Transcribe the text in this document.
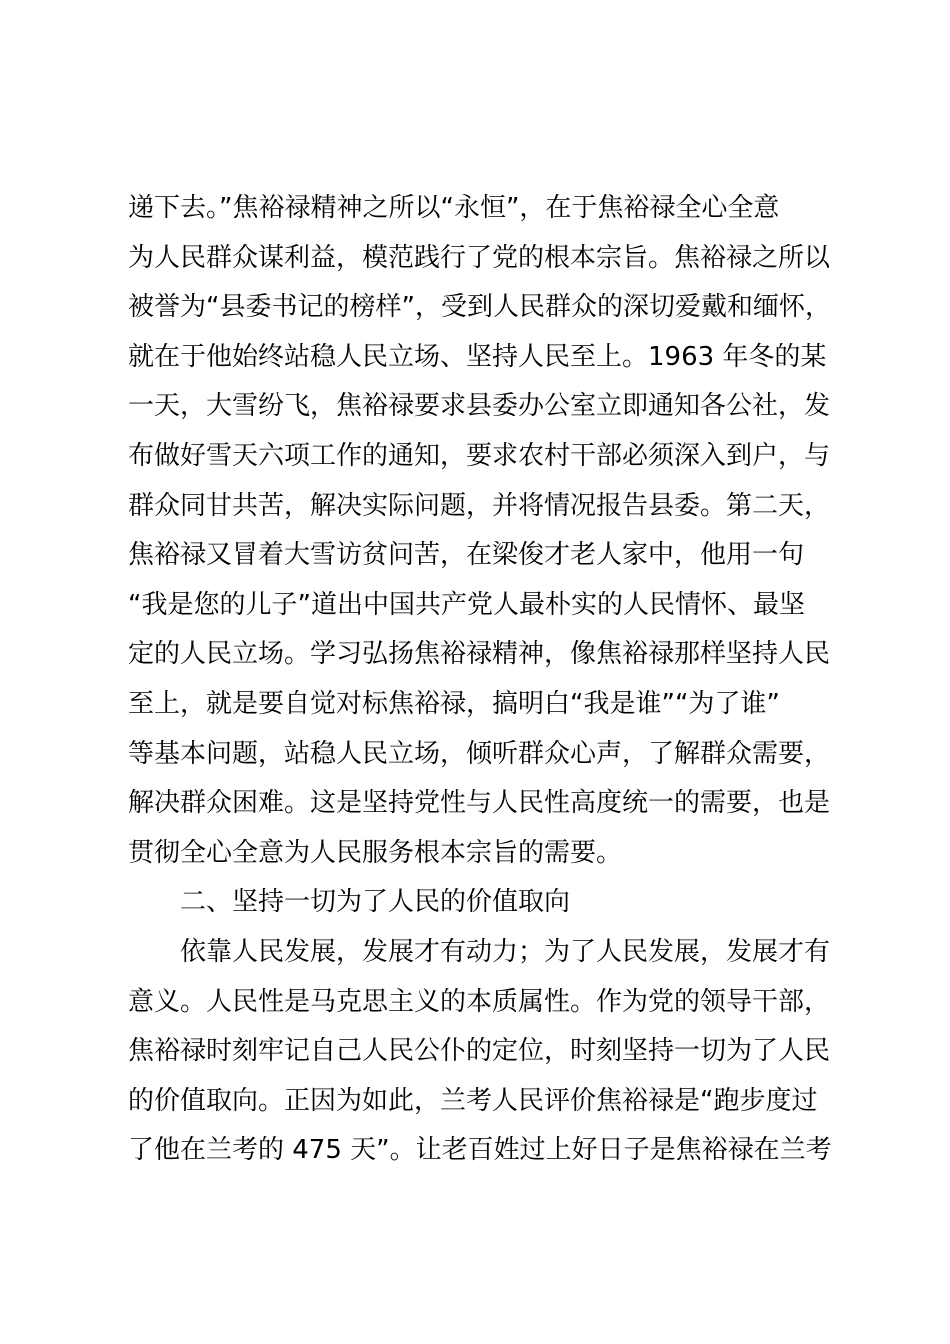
递下去。”焦裕禄精神之所以“永恒”，在于焦裕禄全心全意
为人民群众谋利益，模范践行了党的根本宗旨。焦裕禄之所以
被誉为“县委书记的榜样”，受到人民群众的深切爱戴和缅怀，
就在于他始终站稳人民立场、坚持人民至上。1963 年冬的某
一天，大雪纷飞，焦裕禄要求县委办公室立即通知各公社，发
布做好雪天六项工作的通知，要求农村干部必须深入到户，与
群众同甘共苦，解决实际问题，并将情况报告县委。第二天，
焦裕禄又冒着大雪访贫问苦，在梁俊才老人家中，他用一句
“我是您的儿子”道出中国共产党人最朴实的人民情怀、最坚
定的人民立场。学习弘扬焦裕禄精神，像焦裕禄那样坚持人民
至上，就是要自觉对标焦裕禄，搞明白“我是谁”“为了谁”
等基本问题，站稳人民立场，倾听群众心声，了解群众需要，
解决群众困难。这是坚持党性与人民性高度统一的需要，也是
贯彻全心全意为人民服务根本宗旨的需要。
二、坚持一切为了人民的价值取向
依靠人民发展，发展才有动力；为了人民发展，发展才有
意义。人民性是马克思主义的本质属性。作为党的领导干部，
焦裕禄时刻牢记自己人民公仆的定位，时刻坚持一切为了人民
的价值取向。正因为如此，兰考人民评价焦裕禄是“跑步度过
了他在兰考的 475 天”。让老百姓过上好日子是焦裕禄在兰考
